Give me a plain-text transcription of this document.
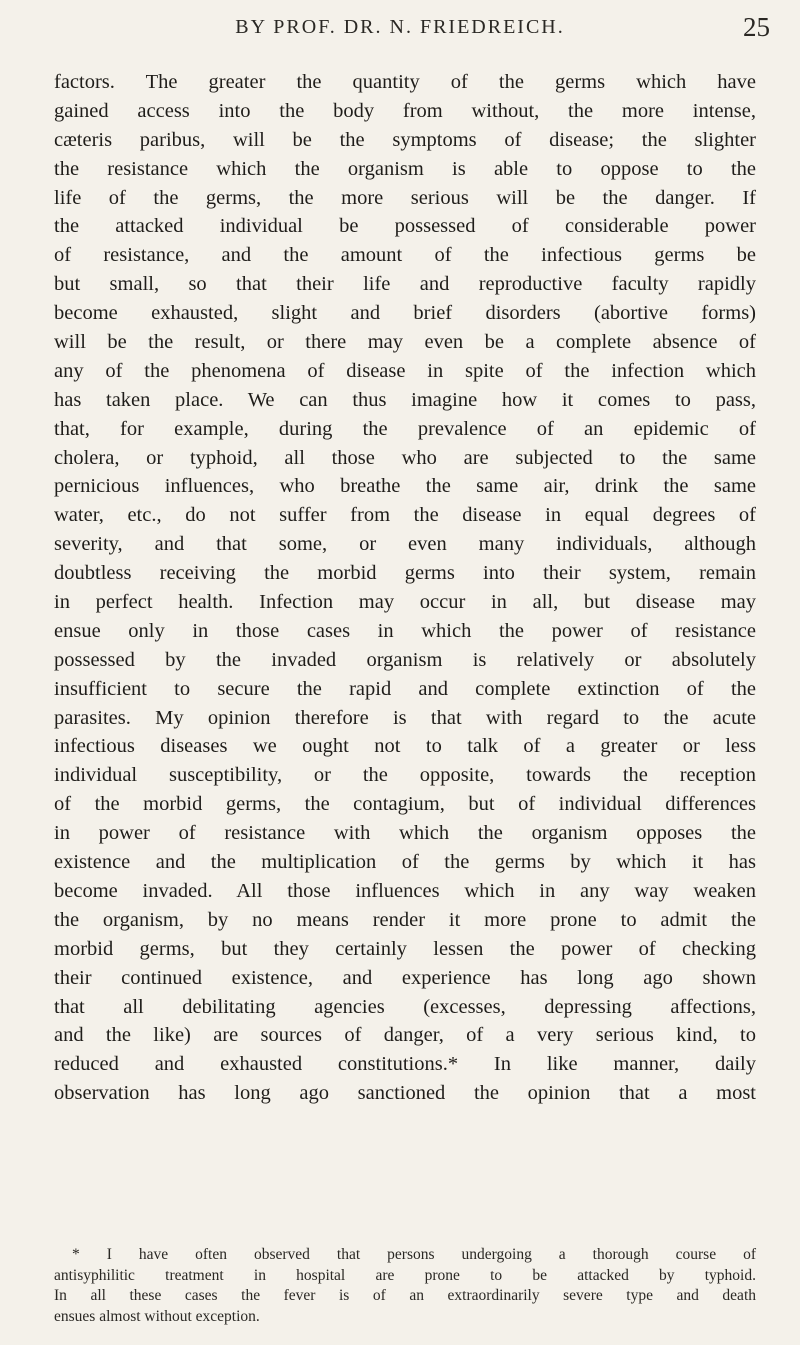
BY PROF. DR. N. FRIEDREICH.	25
factors. The greater the quantity of the germs which have
gained access into the body from without, the more intense,
cæteris paribus, will be the symptoms of disease; the slighter
the resistance which the organism is able to oppose to the
life of the germs, the more serious will be the danger. If
the attacked individual be possessed of considerable power
of resistance, and the amount of the infectious germs be
but small, so that their life and reproductive faculty rapidly
become exhausted, slight and brief disorders (abortive forms)
will be the result, or there may even be a complete absence of
any of the phenomena of disease in spite of the infection which
has taken place. We can thus imagine how it comes to pass,
that, for example, during the prevalence of an epidemic of
cholera, or typhoid, all those who are subjected to the same
pernicious influences, who breathe the same air, drink the same
water, etc., do not suffer from the disease in equal degrees of
severity, and that some, or even many individuals, although
doubtless receiving the morbid germs into their system, remain
in perfect health. Infection may occur in all, but disease may
ensue only in those cases in which the power of resistance
possessed by the invaded organism is relatively or absolutely
insufficient to secure the rapid and complete extinction of the
parasites. My opinion therefore is that with regard to the acute
infectious diseases we ought not to talk of a greater or less
individual susceptibility, or the opposite, towards the reception
of the morbid germs, the contagium, but of individual differences
in power of resistance with which the organism opposes the
existence and the multiplication of the germs by which it has
become invaded. All those influences which in any way weaken
the organism, by no means render it more prone to admit the
morbid germs, but they certainly lessen the power of checking
their continued existence, and experience has long ago shown
that all debilitating agencies (excesses, depressing affections,
and the like) are sources of danger, of a very serious kind, to
reduced and exhausted constitutions.* In like manner, daily
observation has long ago sanctioned the opinion that a most
* I have often observed that persons undergoing a thorough course of
antisyphilitic treatment in hospital are prone to be attacked by typhoid.
In all these cases the fever is of an extraordinarily severe type and death
ensues almost without exception.
